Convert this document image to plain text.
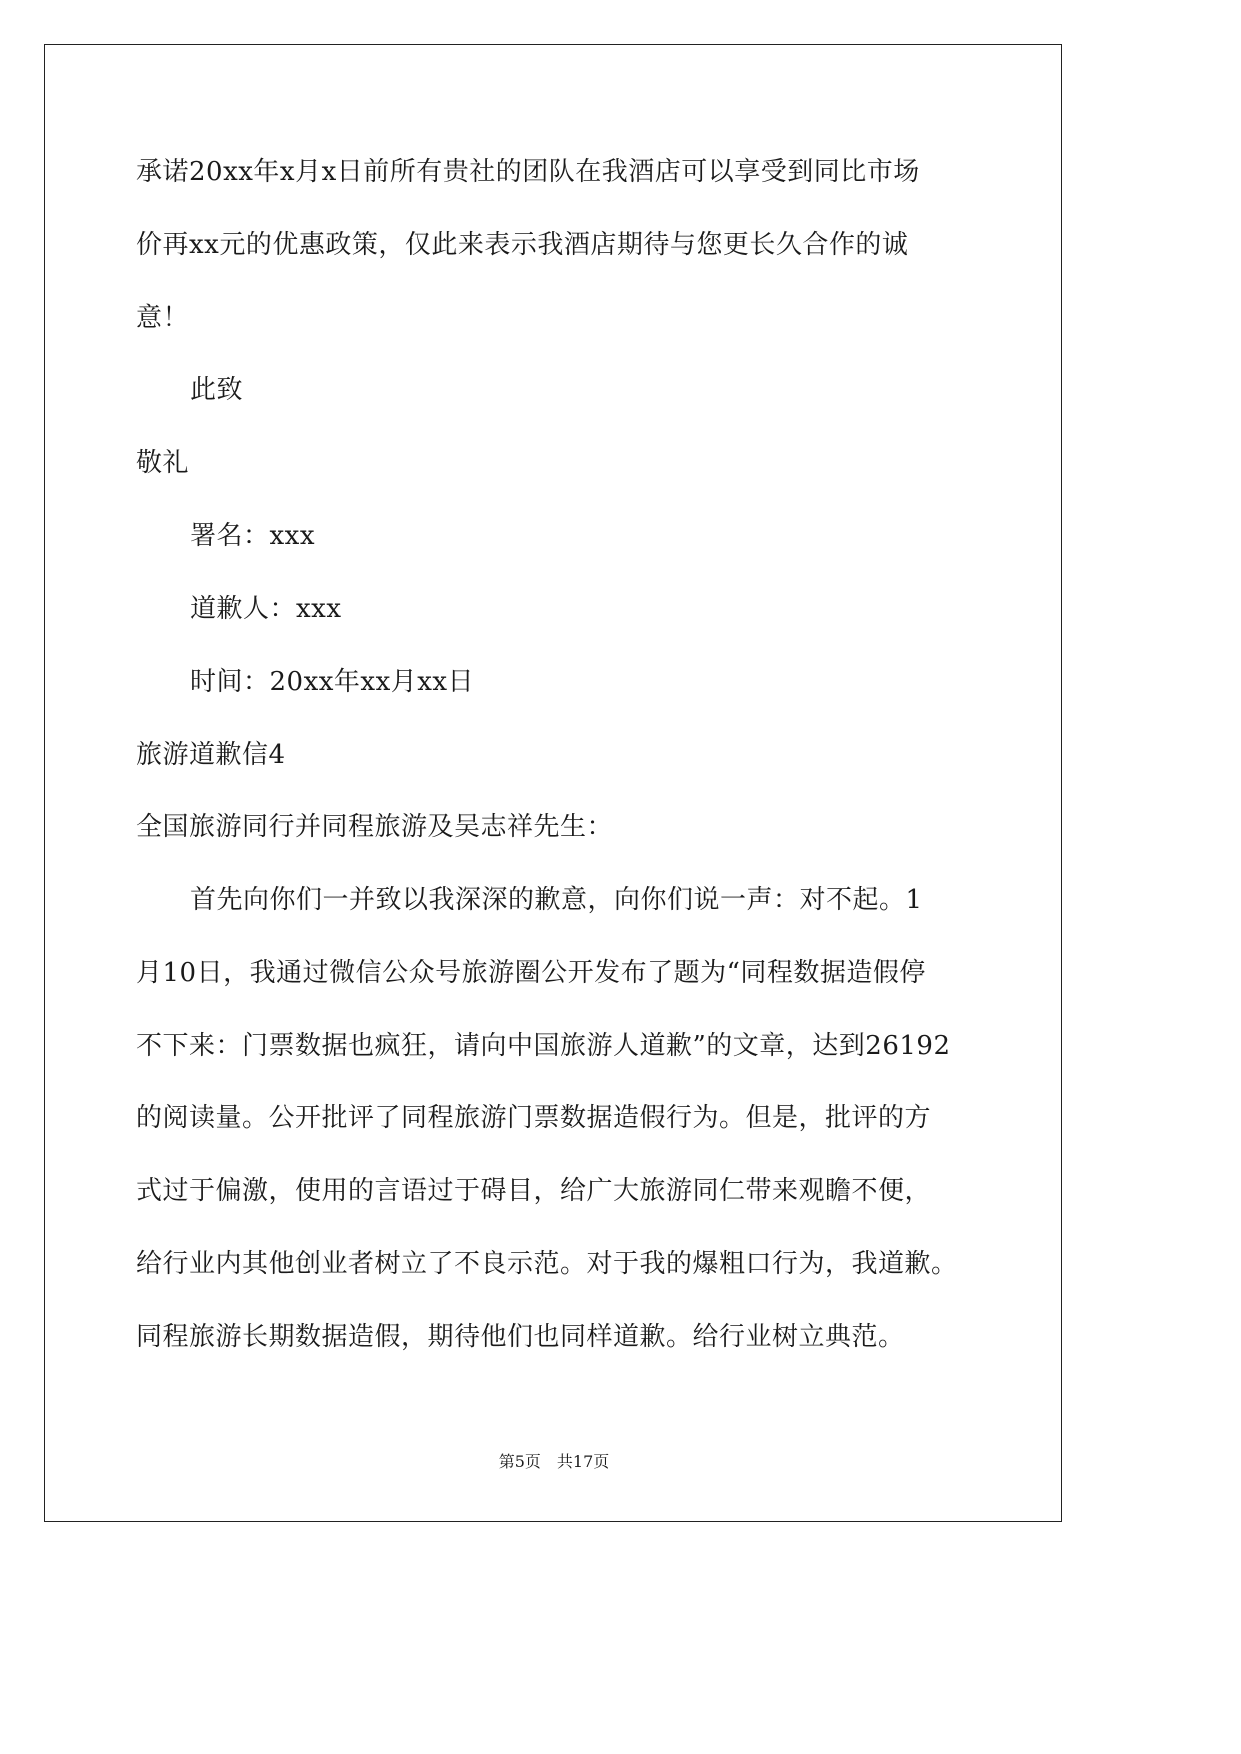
承诺20xx年x月x日前所有贵社的团队在我酒店可以享受到同比市场
价再xx元的优惠政策，仅此来表示我酒店期待与您更长久合作的诚
意！
此致
敬礼
署名：xxx
道歉人：xxx
时间：20xx年xx月xx日
旅游道歉信4
全国旅游同行并同程旅游及吴志祥先生：
首先向你们一并致以我深深的歉意，向你们说一声：对不起。1
月10日，我通过微信公众号旅游圈公开发布了题为“同程数据造假停
不下来：门票数据也疯狂，请向中国旅游人道歉”的文章，达到26192
的阅读量。公开批评了同程旅游门票数据造假行为。但是，批评的方
式过于偏激，使用的言语过于碍目，给广大旅游同仁带来观瞻不便，
给行业内其他创业者树立了不良示范。对于我的爆粗口行为，我道歉。
同程旅游长期数据造假，期待他们也同样道歉。给行业树立典范。
第5页　共17页
